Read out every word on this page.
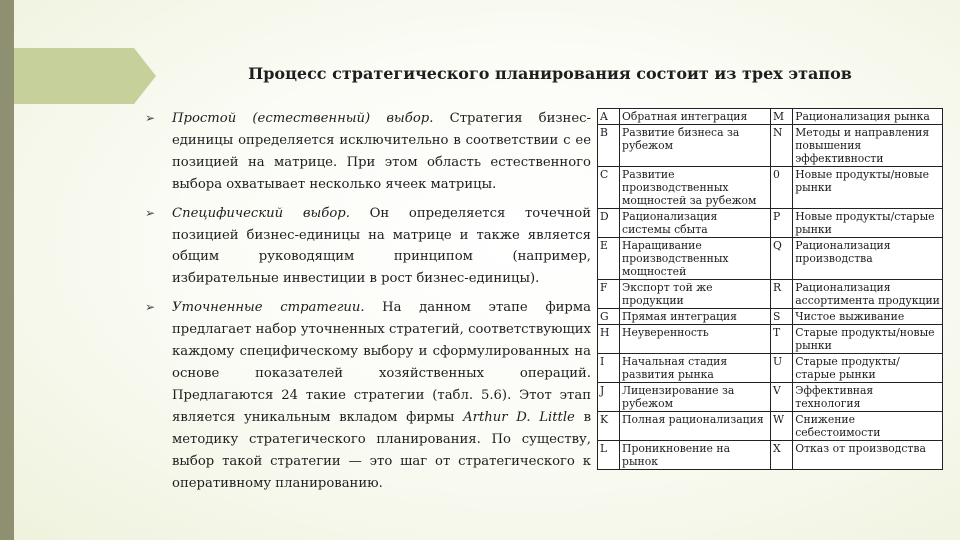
Процесс стратегического планирования состоит из трех этапов
➢ Простой (естественный) выбор. Стратегия бизнес-единицы определяется исключительно в соответствии с ее позицией на матрице. При этом область естественного выбора охватывает несколько ячеек матрицы.
➢ Специфический выбор. Он определяется точечной позицией бизнес-единицы на матрице и также является общим руководящим принципом (например, избирательные инвестиции в рост бизнес-единицы).
➢ Уточненные стратегии. На данном этапе фирма предлагает набор уточненных стратегий, соответствующих каждому специфическому выбору и сформулированных на основе показателей хозяйственных операций. Предлагаются 24 такие стратегии (табл. 5.6). Этот этап является уникальным вкладом фирмы Arthur D. Little в методику стратегического планирования. По существу, выбор такой стратегии — это шаг от стратегического к оперативному планированию.
A	Обратная интеграция	M	Рационализация рынка
B	Развитие бизнеса за рубежом	N	Методы и направления повышения эффективности
C	Развитие производственных мощностей за рубежом	0	Новые продукты/новые рынки
D	Рационализация системы сбыта	P	Новые продукты/старые рынки
E	Наращивание производственных мощностей	Q	Рационализация производства
F	Экспорт той же продукции	R	Рационализация ассортимента продукции
G	Прямая интеграция	S	Чистое выживание
H	Неуверенность	T	Старые продукты/новые рынки
I	Начальная стадия развития рынка	U	Старые продукты/старые рынки
J	Лицензирование за рубежом	V	Эффективная технология
K	Полная рационализация	W	Снижение себестоимости
L	Проникновение на рынок	X	Отказ от производства
